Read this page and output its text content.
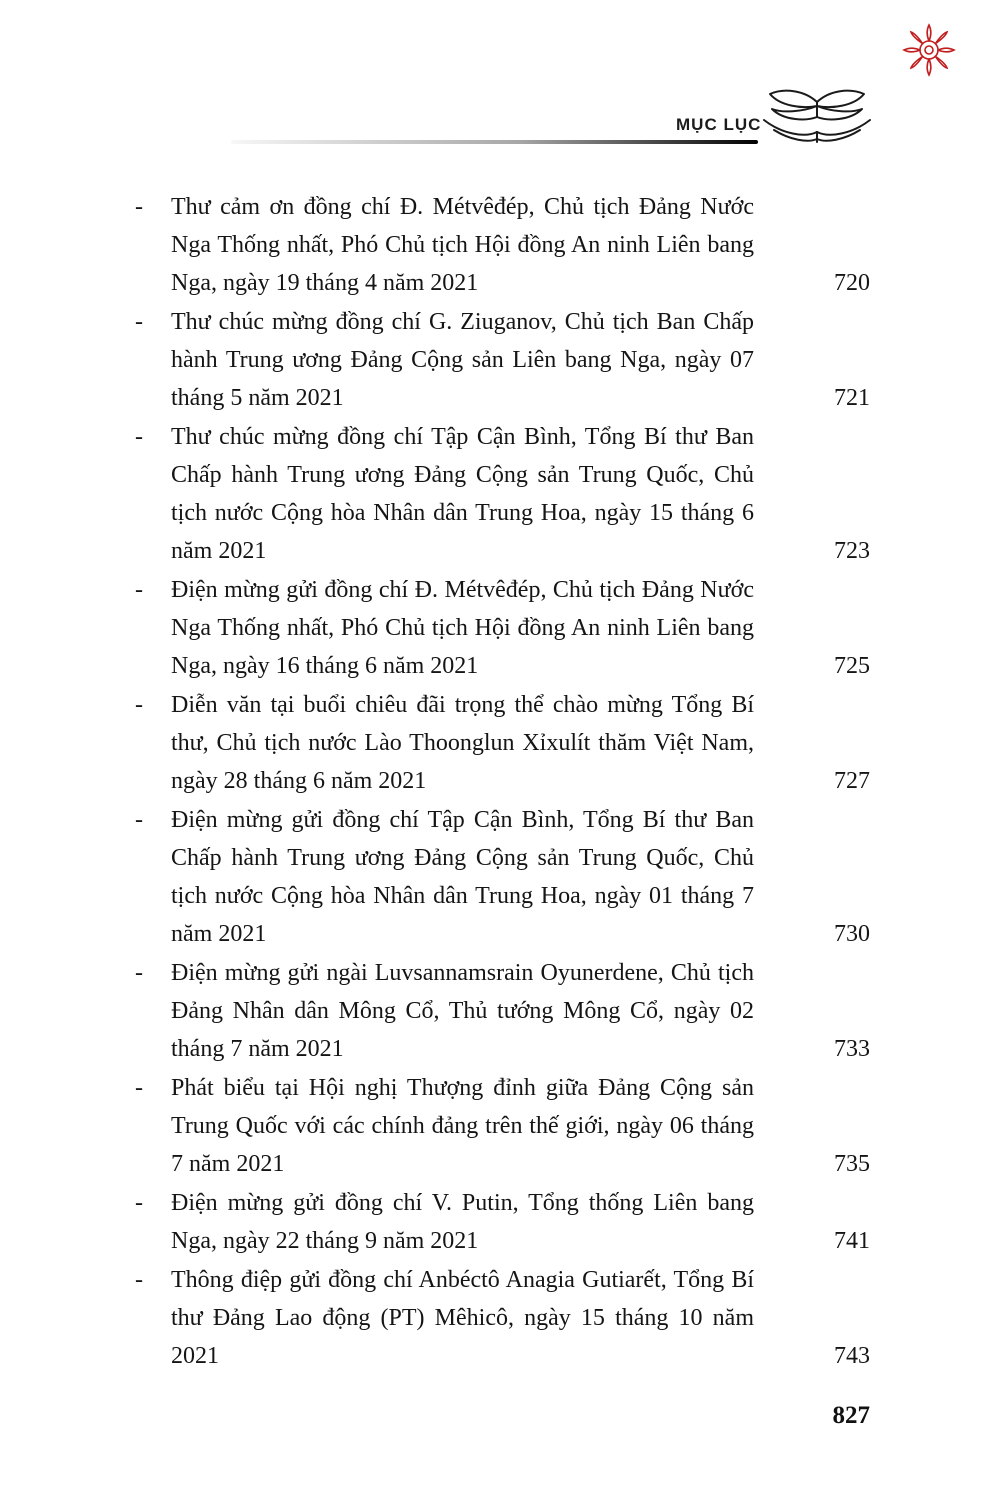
MỤC LỤC
-	Thư cảm ơn đồng chí Đ. Métvêđép, Chủ tịch Đảng Nước Nga Thống nhất, Phó Chủ tịch Hội đồng An ninh Liên bang Nga, ngày 19 tháng 4 năm 2021	720
-	Thư chúc mừng đồng chí G. Ziuganov, Chủ tịch Ban Chấp hành Trung ương Đảng Cộng sản Liên bang Nga, ngày 07 tháng 5 năm 2021	721
-	Thư chúc mừng đồng chí Tập Cận Bình, Tổng Bí thư Ban Chấp hành Trung ương Đảng Cộng sản Trung Quốc, Chủ tịch nước Cộng hòa Nhân dân Trung Hoa, ngày 15 tháng 6 năm 2021	723
-	Điện mừng gửi đồng chí Đ. Métvêđép, Chủ tịch Đảng Nước Nga Thống nhất, Phó Chủ tịch Hội đồng An ninh Liên bang Nga, ngày 16 tháng 6 năm 2021	725
-	Diễn văn tại buổi chiêu đãi trọng thể chào mừng Tổng Bí thư, Chủ tịch nước Lào Thoonglun Xỉxulít thăm Việt Nam, ngày 28 tháng 6 năm 2021	727
-	Điện mừng gửi đồng chí Tập Cận Bình, Tổng Bí thư Ban Chấp hành Trung ương Đảng Cộng sản Trung Quốc, Chủ tịch nước Cộng hòa Nhân dân Trung Hoa, ngày 01 tháng 7 năm 2021	730
-	Điện mừng gửi ngài Luvsannamsrain Oyunerdene, Chủ tịch Đảng Nhân dân Mông Cổ, Thủ tướng Mông Cổ, ngày 02 tháng 7 năm 2021	733
-	Phát biểu tại Hội nghị Thượng đỉnh giữa Đảng Cộng sản Trung Quốc với các chính đảng trên thế giới, ngày 06 tháng 7 năm 2021	735
-	Điện mừng gửi đồng chí V. Putin, Tổng thống Liên bang Nga, ngày 22 tháng 9 năm 2021	741
-	Thông điệp gửi đồng chí Anbéctô Anagia Gutiarết, Tổng Bí thư Đảng Lao động (PT) Mêhicô, ngày 15 tháng 10 năm 2021	743
827
